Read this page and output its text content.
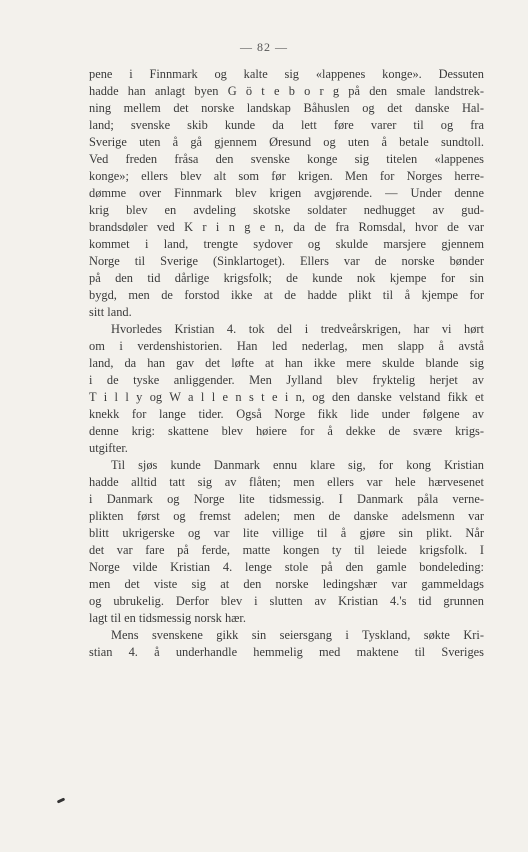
— 82 —
pene i Finnmark og kalte sig «lappenes konge». Dessuten
hadde han anlagt byen G ö t e b o r g på den smale landstrek-
ning mellem det norske landskap Båhuslen og det danske Hal-
land; svenske skib kunde da lett føre varer til og fra
Sverige uten å gå gjennem Øresund og uten å betale sundtoll.
Ved freden fråsa den svenske konge sig titelen «lappenes
konge»; ellers blev alt som før krigen. Men for Norges herre-
dømme over Finnmark blev krigen avgjørende. — Under denne
krig blev en avdeling skotske soldater nedhugget av gud-
brandsdøler ved K r i n g e n, da de fra Romsdal, hvor de var
kommet i land, trengte sydover og skulde marsjere gjennem
Norge til Sverige (Sinklartoget). Ellers var de norske bønder
på den tid dårlige krigsfolk; de kunde nok kjempe for sin
bygd, men de forstod ikke at de hadde plikt til å kjempe for
sitt land.
Hvorledes Kristian 4. tok del i tredveårskrigen, har vi hørt
om i verdenshistorien. Han led nederlag, men slapp å avstå
land, da han gav det løfte at han ikke mere skulde blande sig
i de tyske anliggender. Men Jylland blev fryktelig herjet av
T i l l y og W a l l e n s t e i n, og den danske velstand fikk et
knekk for lange tider. Også Norge fikk lide under følgene av
denne krig: skattene blev høiere for å dekke de svære krigs-
utgifter.
Til sjøs kunde Danmark ennu klare sig, for kong Kristian
hadde alltid tatt sig av flåten; men ellers var hele hærvesenet
i Danmark og Norge lite tidsmessig. I Danmark påla verne-
plikten først og fremst adelen; men de danske adelsmenn var
blitt ukrigerske og var lite villige til å gjøre sin plikt. Når
det var fare på ferde, matte kongen ty til leiede krigsfolk. I
Norge vilde Kristian 4. lenge stole på den gamle bondeleding:
men det viste sig at den norske ledingshær var gammeldags
og ubrukelig. Derfor blev i slutten av Kristian 4.'s tid grunnen
lagt til en tidsmessig norsk hær.
Mens svenskene gikk sin seiersgang i Tyskland, søkte Kri-
stian 4. å underhandle hemmelig med maktene til Sveriges
